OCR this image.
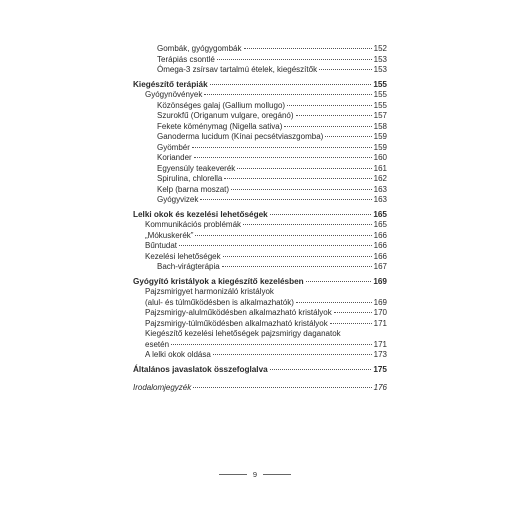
Gombák, gyógygombák	152
Terápiás csontlé	153
Ómega-3 zsírsav tartalmú ételek, kiegészítők	153
Kiegészítő terápiák	155
Gyógynövények	155
Közönséges galaj (Gallium mollugo)	155
Szurokfű (Origanum vulgare, oregánó)	157
Fekete köménymag (Nigella sativa)	158
Ganoderma lucidum (Kínai pecsétviaszgomba)	159
Gyömbér	159
Koriander	160
Egyensúly teakeverék	161
Spirulina, chlorella	162
Kelp (barna moszat)	163
Gyógyvizek	163
Lelki okok és kezelési lehetőségek	165
Kommunikációs problémák	165
„Mókuskerék”	166
Bűntudat	166
Kezelési lehetőségek	166
Bach-virágterápia	167
Gyógyító kristályok a kiegészítő kezelésben	169
Pajzsmirigyet harmonizáló kristályok
(alul- és túlműködésben is alkalmazhatók)	169
Pajzsmirigy-alulműködésben alkalmazható kristályok	170
Pajzsmirigy-túlműködésben alkalmazható kristályok	171
Kiegészítő kezelési lehetőségek pajzsmirigy daganatok
esetén	171
A lelki okok oldása	173
Általános javaslatok összefoglalva	175
Irodalomjegyzék	176
9
